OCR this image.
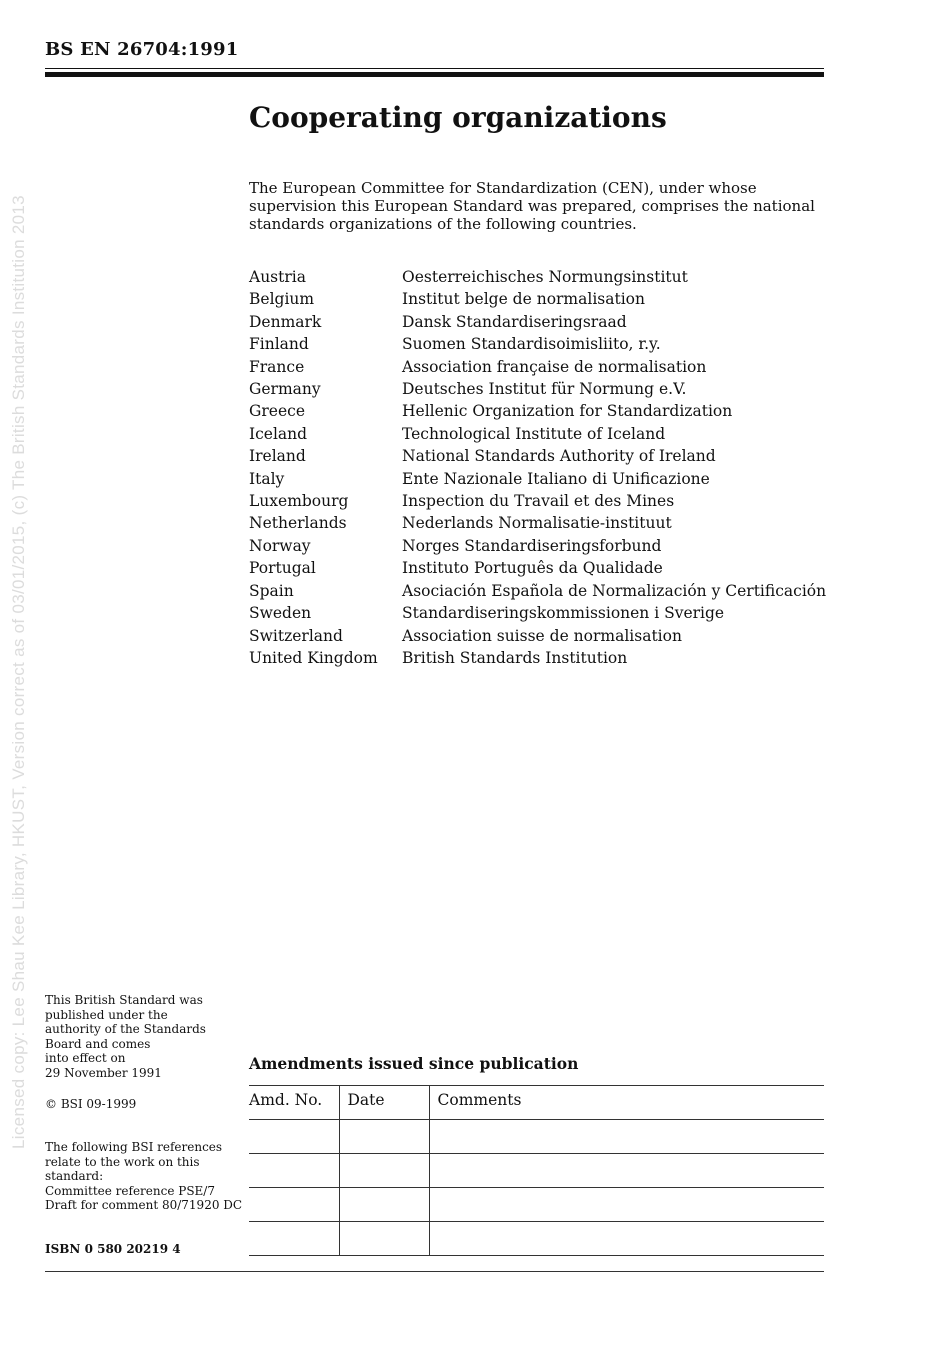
BS EN 26704:1991
Cooperating organizations

The European Committee for Standardization (CEN), under whose supervision this European Standard was prepared, comprises the national standards organizations of the following countries.

Austria	Oesterreichisches Normungsinstitut
Belgium	Institut belge de normalisation
Denmark	Dansk Standardiseringsraad
Finland	Suomen Standardisoimisliito, r.y.
France	Association française de normalisation
Germany	Deutsches Institut für Normung e.V.
Greece	Hellenic Organization for Standardization
Iceland	Technological Institute of Iceland
Ireland	National Standards Authority of Ireland
Italy	Ente Nazionale Italiano di Unificazione
Luxembourg	Inspection du Travail et des Mines
Netherlands	Nederlands Normalisatie-instituut
Norway	Norges Standardiseringsforbund
Portugal	Instituto Português da Qualidade
Spain	Asociación Española de Normalización y Certificación
Sweden	Standardiseringskommissionen i Sverige
Switzerland	Association suisse de normalisation
United Kingdom	British Standards Institution
This British Standard was
published under the
authority of the Standards
Board and comes
into effect on
29 November 1991
© BSI 09-1999
The following BSI references
relate to the work on this
standard:
Committee reference PSE/7
Draft for comment 80/71920 DC
ISBN 0 580 20219 4
Amendments issued since publication
Amd. No.	Date	Comments

Licensed copy: Lee Shau Kee Library, HKUST, Version correct as of 03/01/2015, (c) The British Standards Institution 2013
